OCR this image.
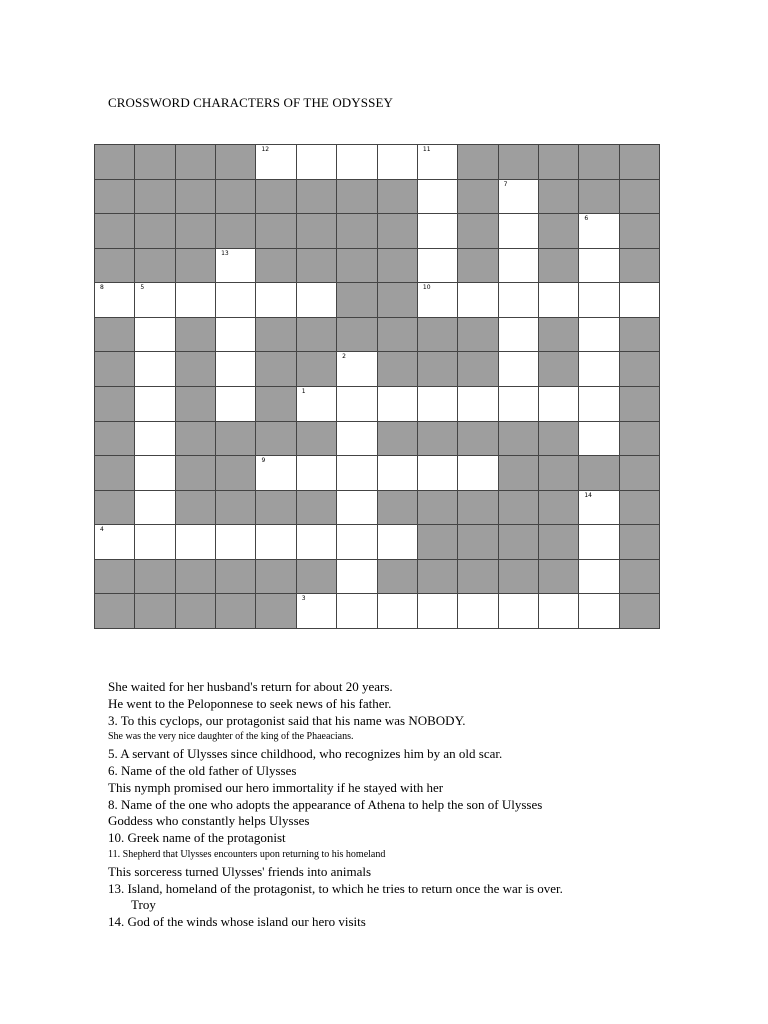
CROSSWORD CHARACTERS OF THE ODYSSEY
12	11
7
6
13
8	5	10
2
1
9
14
4
3
She waited for her husband's return for about 20 years.
He went to the Peloponnese to seek news of his father.
3. To this cyclops, our protagonist said that his name was NOBODY.
She was the very nice daughter of the king of the Phaeacians.
5. A servant of Ulysses since childhood, who recognizes him by an old scar.
6. Name of the old father of Ulysses
This nymph promised our hero immortality if he stayed with her
8. Name of the one who adopts the appearance of Athena to help the son of Ulysses
Goddess who constantly helps Ulysses
10. Greek name of the protagonist
11. Shepherd that Ulysses encounters upon returning to his homeland
This sorceress turned Ulysses' friends into animals
13. Island, homeland of the protagonist, to which he tries to return once the war is over.
Troy
14. God of the winds whose island our hero visits
